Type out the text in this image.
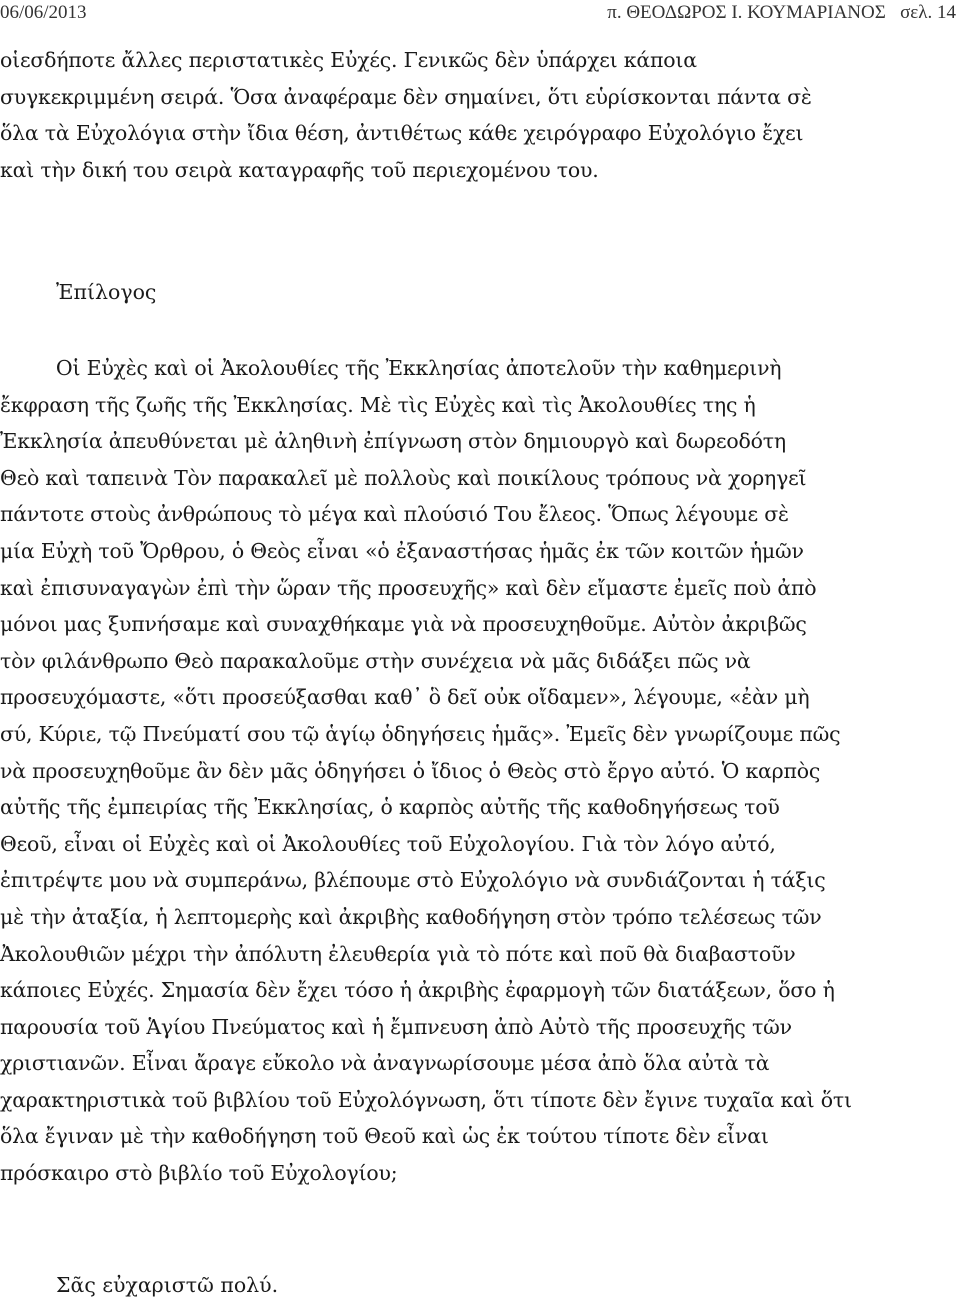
06/06/2013	π. ΘΕΟΔΩΡΟΣ Ι. ΚΟΥΜΑΡΙΑΝΟΣ σελ. 14
οἱεσδήποτε ἄλλες περιστατικὲς Εὐχές. Γενικῶς δὲν ὑπάρχει κάποια
συγκεκριμμένη σειρά. Ὅσα ἀναφέραμε δὲν σημαίνει, ὅτι εὑρίσκονται πάντα σὲ
ὅλα τὰ Εὐχολόγια στὴν ἴδια θέση, ἀντιθέτως κάθε χειρόγραφο Εὐχολόγιο ἔχει
καὶ τὴν δική του σειρὰ καταγραφῆς τοῦ περιεχομένου του.
Ἐπίλογος
Οἱ Εὐχὲς καὶ οἱ Ἀκολουθίες τῆς Ἐκκλησίας ἀποτελοῦν τὴν καθημερινὴ
ἔκφραση τῆς ζωῆς τῆς Ἐκκλησίας. Μὲ τὶς Εὐχὲς καὶ τὶς Ἀκολουθίες της ἡ
Ἐκκλησία ἀπευθύνεται μὲ ἀληθινὴ ἐπίγνωση στὸν δημιουργὸ καὶ δωρεοδότη
Θεὸ καὶ ταπεινὰ Τὸν παρακαλεῖ μὲ πολλοὺς καὶ ποικίλους τρόπους νὰ χορηγεῖ
πάντοτε στοὺς ἀνθρώπους τὸ μέγα καὶ πλούσιό Του ἔλεος. Ὅπως λέγουμε σὲ
μία Εὐχὴ τοῦ Ὄρθρου, ὁ Θεὸς εἶναι «ὁ ἐξαναστήσας ἡμᾶς ἐκ τῶν κοιτῶν ἡμῶν
καὶ ἐπισυναγαγὼν ἐπὶ τὴν ὥραν τῆς προσευχῆς» καὶ δὲν εἴμαστε ἐμεῖς ποὺ ἀπὸ
μόνοι μας ξυπνήσαμε καὶ συναχθήκαμε γιὰ νὰ προσευχηθοῦμε. Αὐτὸν ἀκριβῶς
τὸν φιλάνθρωπο Θεὸ παρακαλοῦμε στὴν συνέχεια νὰ μᾶς διδάξει πῶς νὰ
προσευχόμαστε, «ὅτι προσεύξασθαι καθ᾽ ὃ δεῖ οὐκ οἴδαμεν», λέγουμε, «ἐὰν μὴ
σύ, Κύριε, τῷ Πνεύματί σου τῷ ἁγίῳ ὁδηγήσεις ἡμᾶς». Ἐμεῖς δὲν γνωρίζουμε πῶς
νὰ προσευχηθοῦμε ἂν δὲν μᾶς ὁδηγήσει ὁ ἴδιος ὁ Θεὸς στὸ ἔργο αὐτό. Ὁ καρπὸς
αὐτῆς τῆς ἐμπειρίας τῆς Ἐκκλησίας, ὁ καρπὸς αὐτῆς τῆς καθοδηγήσεως τοῦ
Θεοῦ, εἶναι οἱ Εὐχὲς καὶ οἱ Ἀκολουθίες τοῦ Εὐχολογίου. Γιὰ τὸν λόγο αὐτό,
ἐπιτρέψτε μου νὰ συμπεράνω, βλέπουμε στὸ Εὐχολόγιο νὰ συνδιάζονται ἡ τάξις
μὲ τὴν ἀταξία, ἡ λεπτομερὴς καὶ ἀκριβὴς καθοδήγηση στὸν τρόπο τελέσεως τῶν
Ἀκολουθιῶν μέχρι τὴν ἀπόλυτη ἐλευθερία γιὰ τὸ πότε καὶ ποῦ θὰ διαβαστοῦν
κάποιες Εὐχές. Σημασία δὲν ἔχει τόσο ἡ ἀκριβὴς ἐφαρμογὴ τῶν διατάξεων, ὅσο ἡ
παρουσία τοῦ Ἁγίου Πνεύματος καὶ ἡ ἔμπνευση ἀπὸ Αὐτὸ τῆς προσευχῆς τῶν
χριστιανῶν. Εἶναι ἄραγε εὔκολο νὰ ἀναγνωρίσουμε μέσα ἀπὸ ὅλα αὐτὰ τὰ
χαρακτηριστικὰ τοῦ βιβλίου τοῦ Εὐχολόγνωση, ὅτι τίποτε δὲν ἔγινε τυχαῖα καὶ ὅτι
ὅλα ἔγιναν μὲ τὴν καθοδήγηση τοῦ Θεοῦ καὶ ὡς ἐκ τούτου τίποτε δὲν εἶναι
πρόσκαιρο στὸ βιβλίο τοῦ Εὐχολογίου;
Σᾶς εὐχαριστῶ πολύ.
